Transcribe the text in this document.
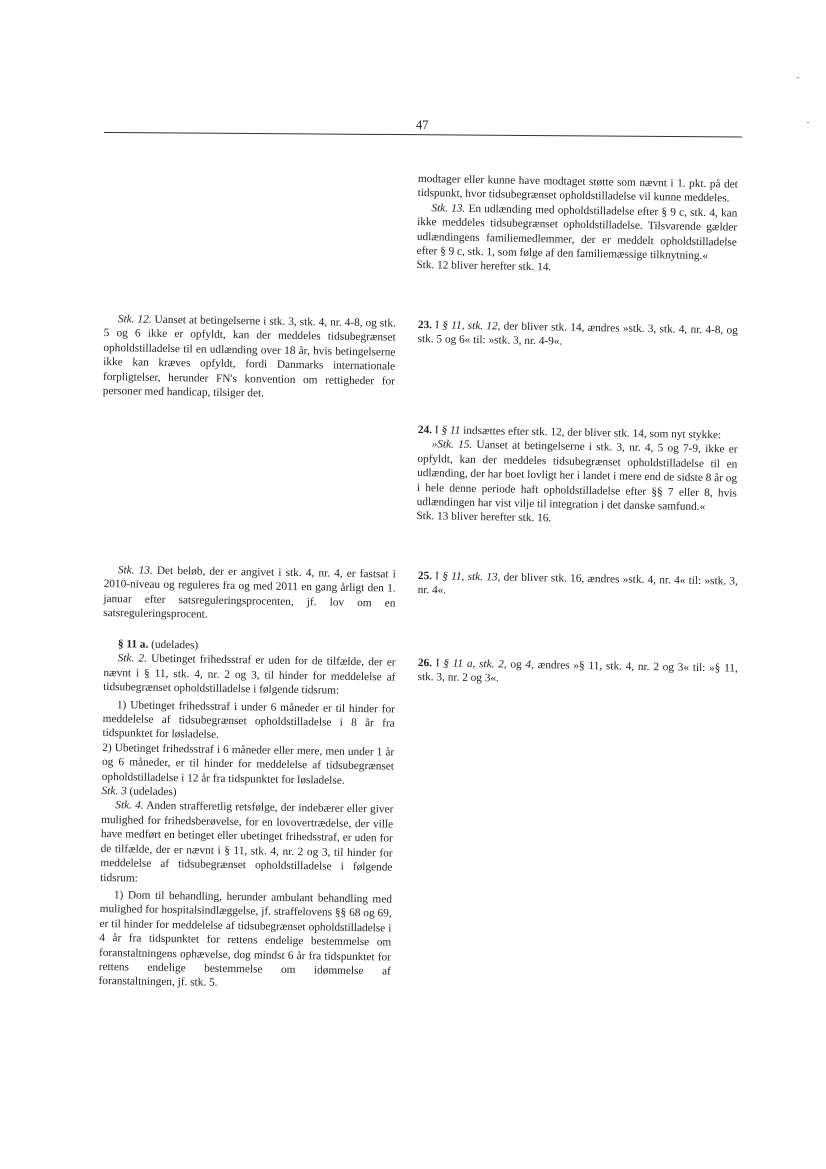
47

modtager eller kunne have modtaget støtte som nævnt i 1. pkt. på det tidspunkt, hvor tidsubegrænset opholdstilladelse vil kunne meddeles.

Stk. 13. En udlænding med opholdstilladelse efter § 9 c, stk. 4, kan ikke meddeles tidsubegrænset opholdstilladelse. Tilsvarende gælder udlændingens familiemedlemmer, der er meddelt opholdstilladelse efter § 9 c, stk. 1, som følge af den familiemæssige tilknytning.«

Stk. 12 bliver herefter stk. 14.

23. I § 11, stk. 12, der bliver stk. 14, ændres »stk. 3, stk. 4, nr. 4-8, og stk. 5 og 6« til: »stk. 3, nr. 4-9«.

24. I § 11 indsættes efter stk. 12, der bliver stk. 14, som nyt stykke:

»Stk. 15. Uanset at betingelserne i stk. 3, nr. 4, 5 og 7-9, ikke er opfyldt, kan der meddeles tidsubegrænset opholdstilladelse til en udlænding, der har boet lovligt her i landet i mere end de sidste 8 år og i hele denne periode haft opholdstilladelse efter §§ 7 eller 8, hvis udlændingen har vist vilje til integration i det danske samfund.«

Stk. 13 bliver herefter stk. 16.

25. I § 11, stk. 13, der bliver stk. 16, ændres »stk. 4, nr. 4« til: »stk. 3, nr. 4«.

26. I § 11 a, stk. 2, og 4, ændres »§ 11, stk. 4, nr. 2 og 3« til: »§ 11, stk. 3, nr. 2 og 3«.

Stk. 12. Uanset at betingelserne i stk. 3, stk. 4, nr. 4-8, og stk. 5 og 6 ikke er opfyldt, kan der meddeles tidsubegrænset opholdstilladelse til en udlænding over 18 år, hvis betingelserne ikke kan kræves opfyldt, fordi Danmarks internationale forpligtelser, herunder FN's konvention om rettigheder for personer med handicap, tilsiger det.

Stk. 13. Det beløb, der er angivet i stk. 4, nr. 4, er fastsat i 2010-niveau og reguleres fra og med 2011 en gang årligt den 1. januar efter satsreguleringsprocenten, jf. lov om en satsreguleringsprocent.

§ 11 a. (udelades)

Stk. 2. Ubetinget frihedsstraf er uden for de tilfælde, der er nævnt i § 11, stk. 4, nr. 2 og 3, til hinder for meddelelse af tidsubegrænset opholdstilladelse i følgende tidsrum:

1) Ubetinget frihedsstraf i under 6 måneder er til hinder for meddelelse af tidsubegrænset opholdstilladelse i 8 år fra tidspunktet for løsladelse.

2) Ubetinget frihedsstraf i 6 måneder eller mere, men under 1 år og 6 måneder, er til hinder for meddelelse af tidsubegrænset opholdstilladelse i 12 år fra tidspunktet for løsladelse.

Stk. 3 (udelades)

Stk. 4. Anden strafferetlig retsfølge, der indebærer eller giver mulighed for frihedsberøvelse, for en lovovertrædelse, der ville have medført en betinget eller ubetinget frihedsstraf, er uden for de tilfælde, der er nævnt i § 11, stk. 4, nr. 2 og 3, til hinder for meddelelse af tidsubegrænset opholdstilladelse i følgende tidsrum:

1) Dom til behandling, herunder ambulant behandling med mulighed for hospitalsindlæggelse, jf. straffelovens §§ 68 og 69, er til hinder for meddelelse af tidsubegrænset opholdstilladelse i 4 år fra tidspunktet for rettens endelige bestemmelse om foranstaltningens ophævelse, dog mindst 6 år fra tidspunktet for rettens endelige bestemmelse om idømmelse af foranstaltningen, jf. stk. 5.
